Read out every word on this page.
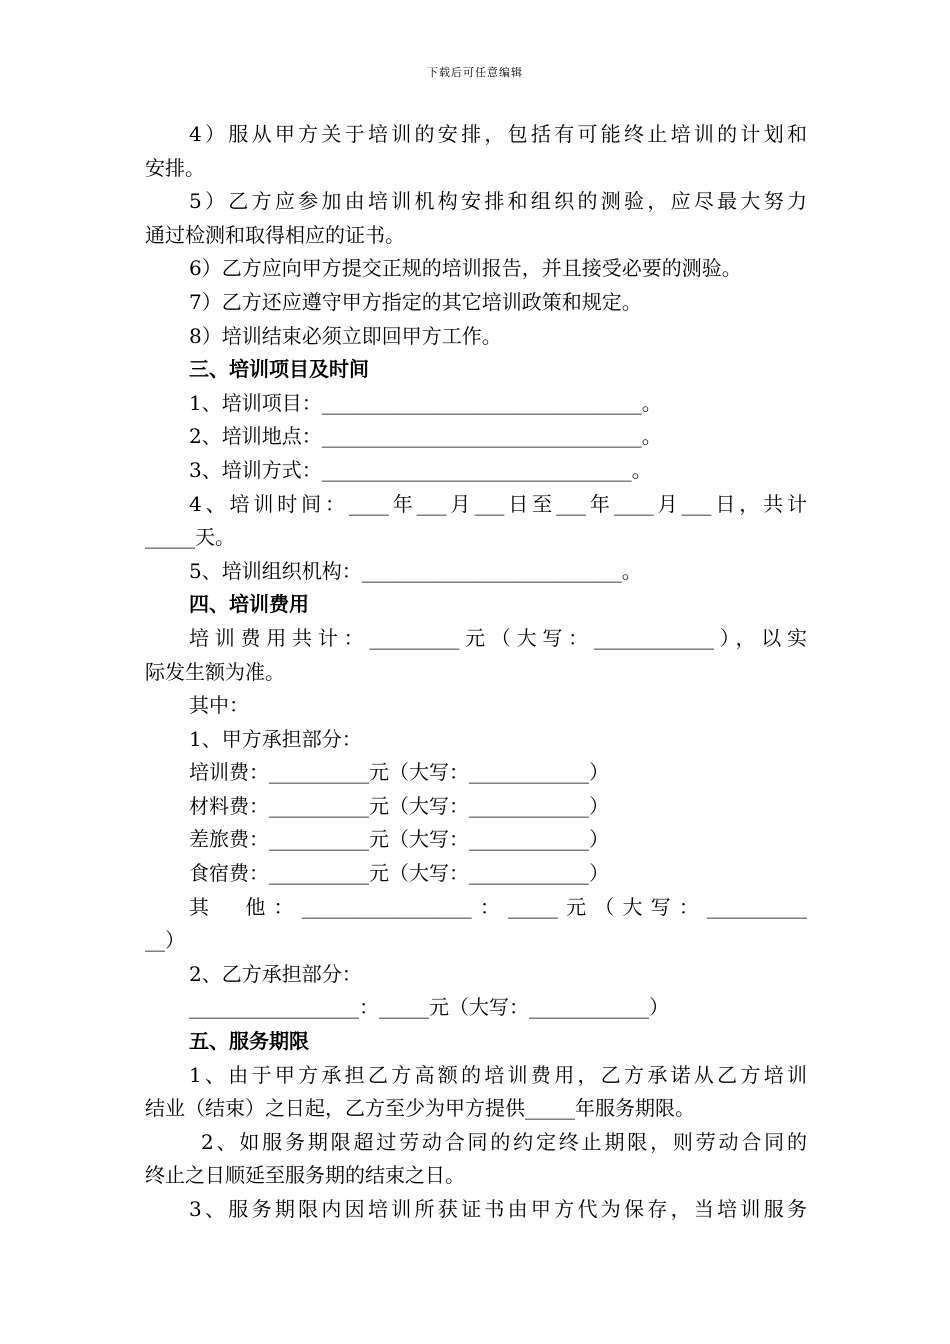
下载后可任意编辑
4）服从甲方关于培训的安排，包括有可能终止培训的计划和
安排。
5）乙方应参加由培训机构安排和组织的测验，应尽最大努力
通过检测和取得相应的证书。
6）乙方应向甲方提交正规的培训报告，并且接受必要的测验。
7）乙方还应遵守甲方指定的其它培训政策和规定。
8）培训结束必须立即回甲方工作。
三、培训项目及时间
1、培训项目：________________________________。
2、培训地点：________________________________。
3、培训方式：_______________________________。
4、培训时间：____年___月___日至___年____月___日，共计
_____天。
5、培训组织机构：__________________________。
四、培训费用
培训费用共计：_________元（大写：____________），以实
际发生额为准。
其中：
1、甲方承担部分：
培训费：__________元（大写：____________）
材料费：__________元（大写：____________）
差旅费：__________元（大写：____________）
食宿费：__________元（大写：____________）
其　他：_________________：_____元（大写：__________
__）
2、乙方承担部分：
_________________：_____元（大写：____________）
五、服务期限
1、由于甲方承担乙方高额的培训费用，乙方承诺从乙方培训
结业（结束）之日起，乙方至少为甲方提供_____年服务期限。
2、如服务期限超过劳动合同的约定终止期限，则劳动合同的
终止之日顺延至服务期的结束之日。
3、服务期限内因培训所获证书由甲方代为保存，当培训服务
